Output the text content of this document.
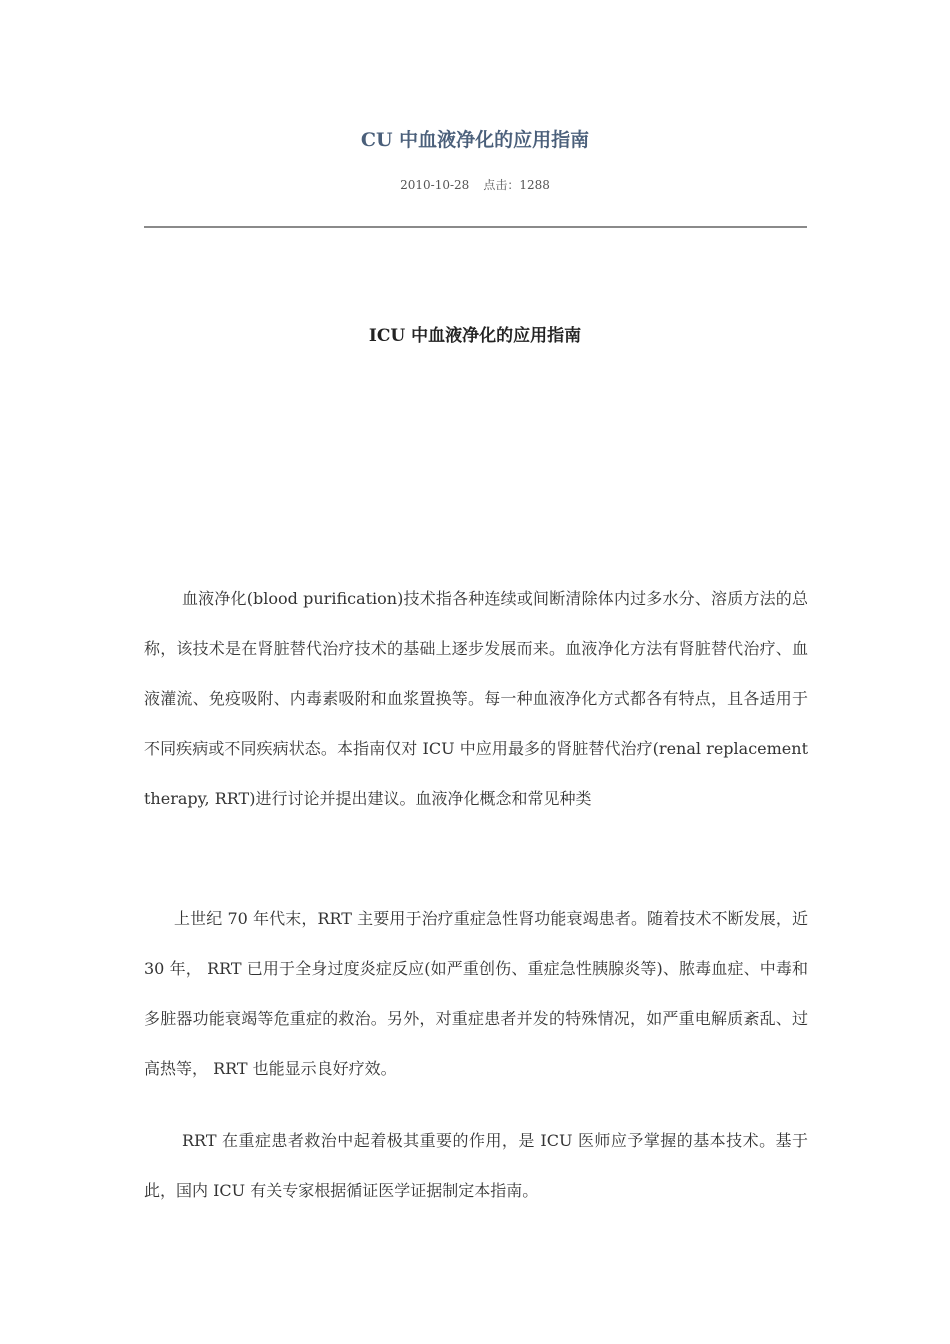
CU 中血液净化的应用指南
2010-10-28 点击：1288
ICU 中血液净化的应用指南

血液净化(blood purification)技术指各种连续或间断清除体内过多水分、溶质方法的总称，该技术是在肾脏替代治疗技术的基础上逐步发展而来。血液净化方法有肾脏替代治疗、血液灌流、免疫吸附、内毒素吸附和血浆置换等。每一种血液净化方式都各有特点，且各适用于不同疾病或不同疾病状态。本指南仅对 ICU 中应用最多的肾脏替代治疗(renal replacement therapy, RRT)进行讨论并提出建议。血液净化概念和常见种类

上世纪 70 年代末，RRT 主要用于治疗重症急性肾功能衰竭患者。随着技术不断发展，近 30 年， RRT 已用于全身过度炎症反应(如严重创伤、重症急性胰腺炎等)、脓毒血症、中毒和多脏器功能衰竭等危重症的救治。另外，对重症患者并发的特殊情况，如严重电解质紊乱、过高热等， RRT 也能显示良好疗效。

RRT 在重症患者救治中起着极其重要的作用，是 ICU 医师应予掌握的基本技术。基于此，国内 ICU 有关专家根据循证医学证据制定本指南。
